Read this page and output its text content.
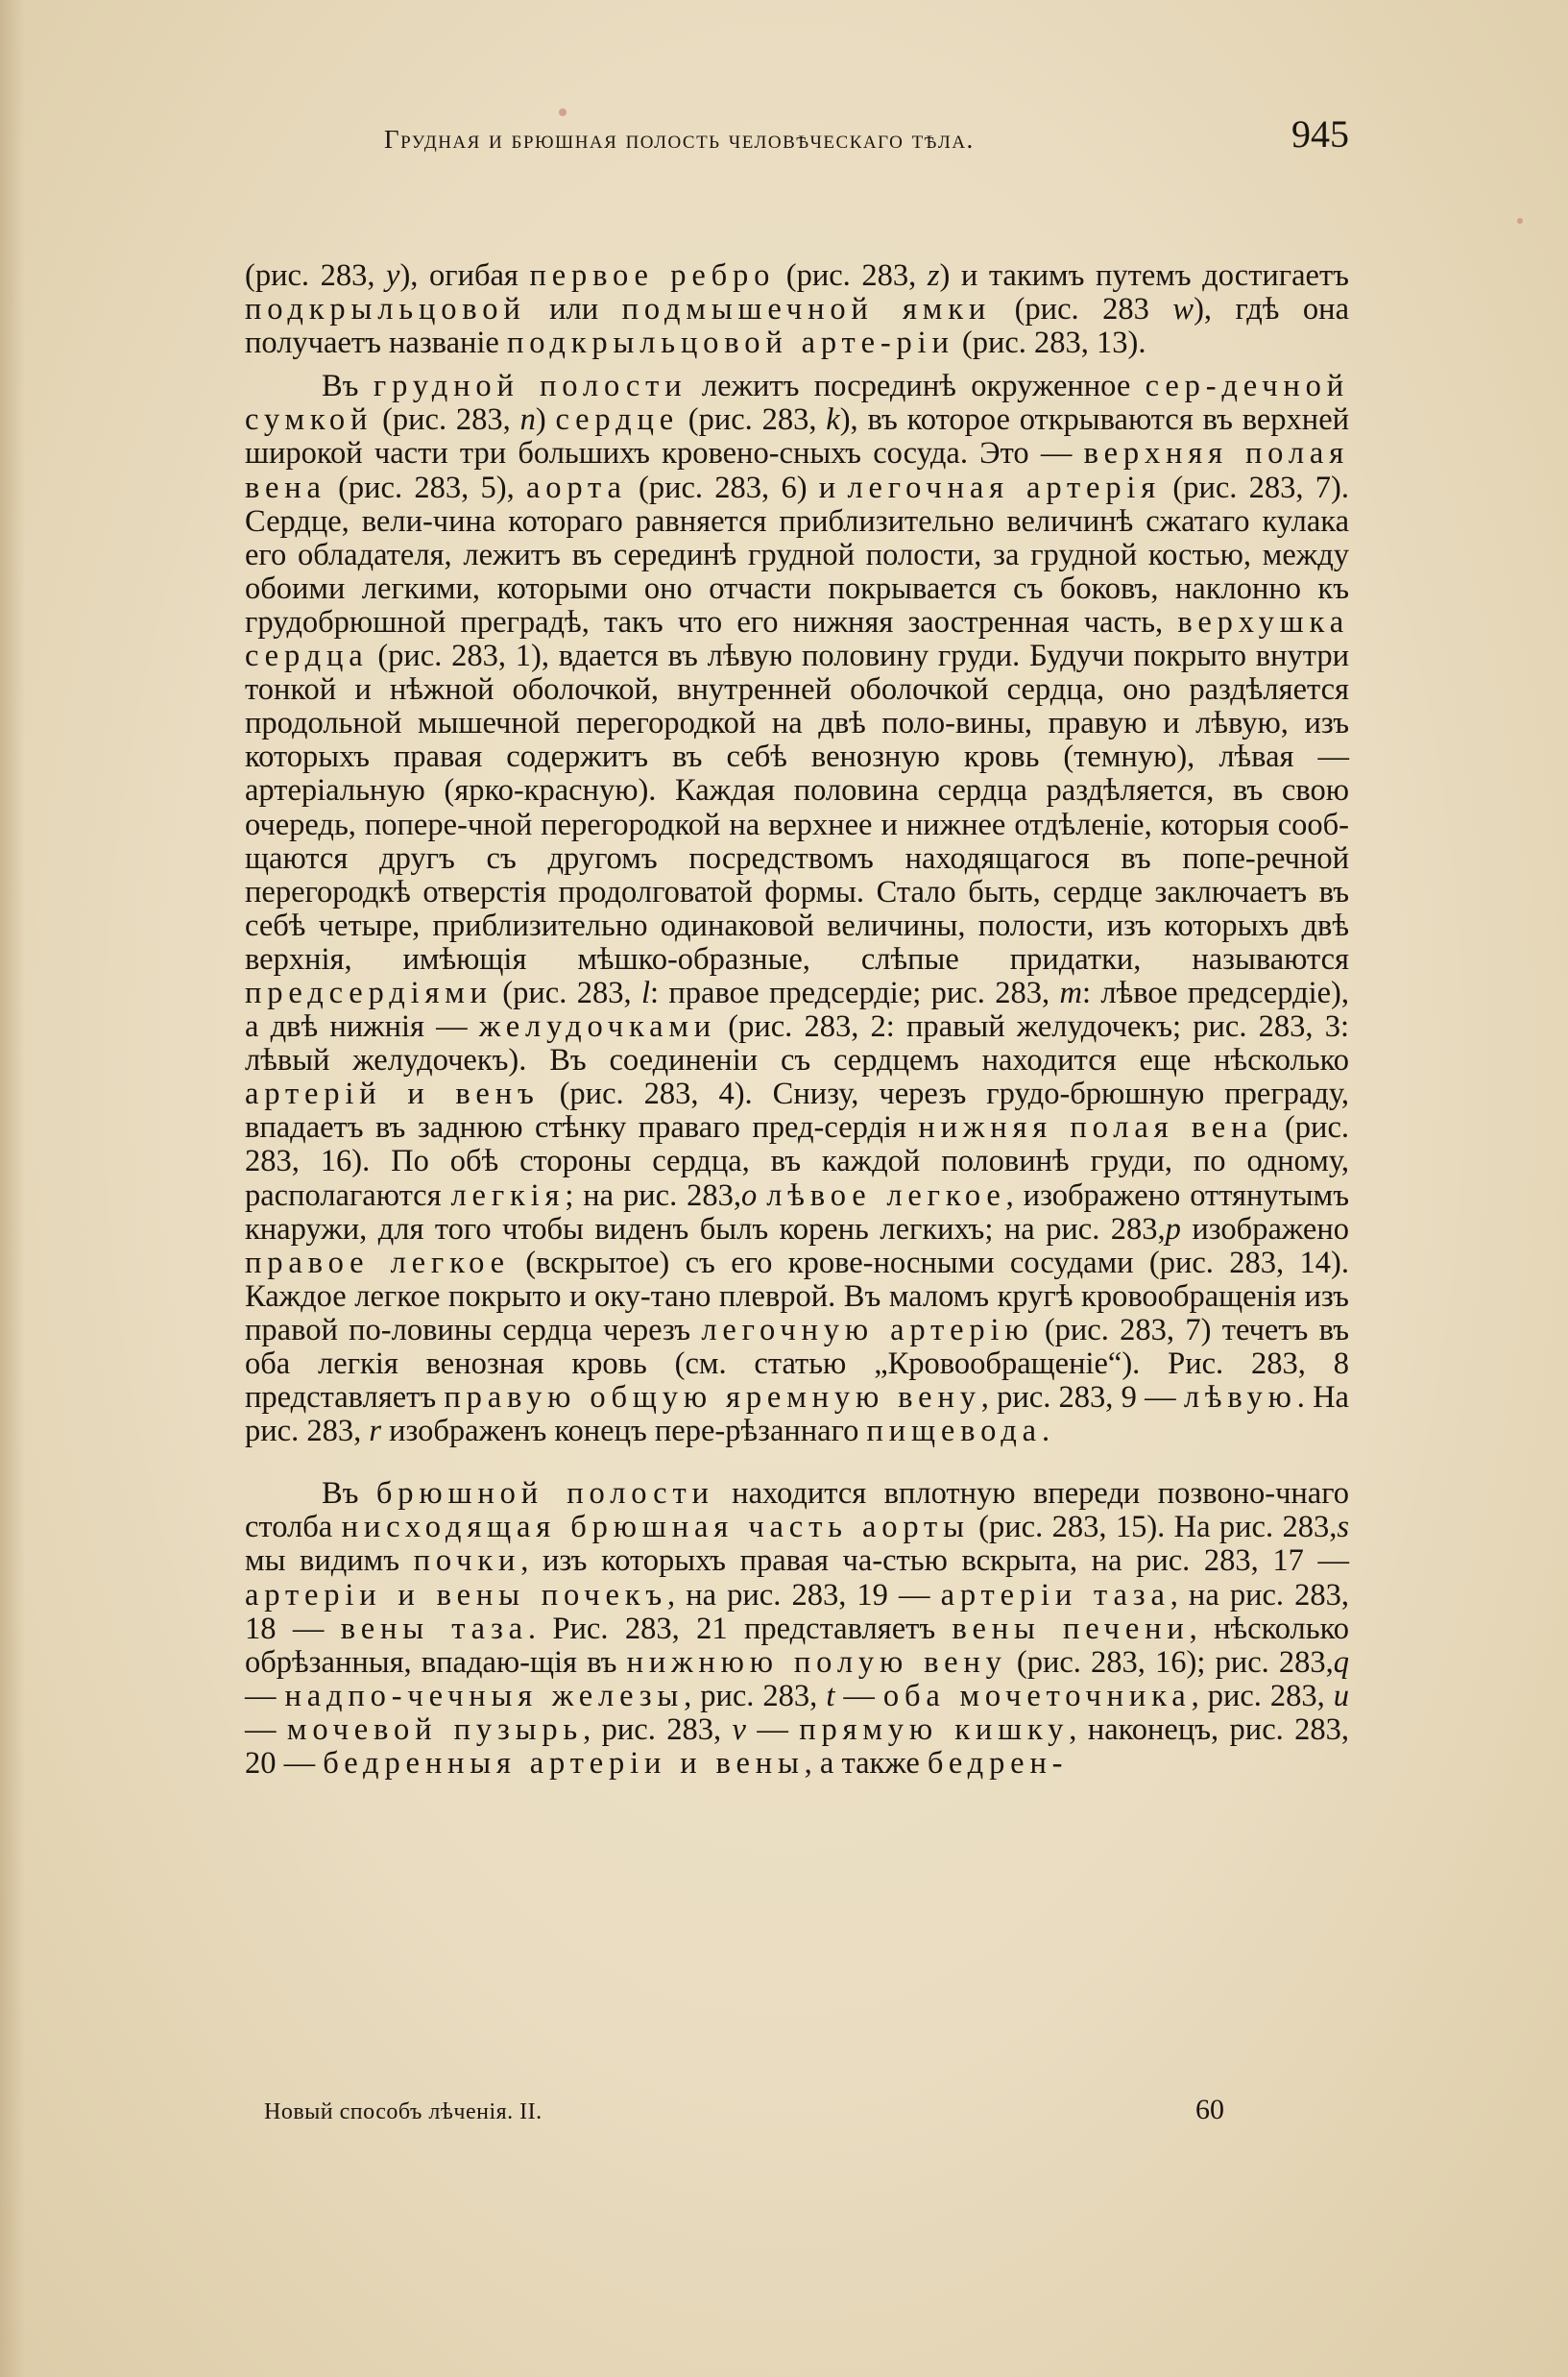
Грудная и брюшная полость человѣческаго тѣла.	945

(рис. 283, y), огибая первое ребро (рис. 283, z) и такимъ путемъ достигаетъ подкрыльцовой или подмышечной ямки (рис. 283 w), гдѣ она получаетъ названіе подкрыльцовой арте-ріи (рис. 283, 13).

Въ грудной полости лежитъ посрединѣ окруженное сер-дечной сумкой (рис. 283, n) сердце (рис. 283, k), въ которое открываются въ верхней широкой части три большихъ кровено-сныхъ сосуда. Это — верхняя полая вена (рис. 283, 5), аорта (рис. 283, 6) и легочная артерія (рис. 283, 7). Сердце, вели-чина котораго равняется приблизительно величинѣ сжатаго кулака его обладателя, лежитъ въ серединѣ грудной полости, за грудной костью, между обоими легкими, которыми оно отчасти покрывается съ боковъ, наклонно къ грудобрюшной преградѣ, такъ что его нижняя заостренная часть, верхушка сердца (рис. 283, 1), вдается въ лѣвую половину груди. Будучи покрыто внутри тонкой и нѣжной оболочкой, внутренней оболочкой сердца, оно раздѣляется продольной мышечной перегородкой на двѣ поло-вины, правую и лѣвую, изъ которыхъ правая содержитъ въ себѣ венозную кровь (темную), лѣвая — артеріальную (ярко-красную). Каждая половина сердца раздѣляется, въ свою очередь, попере-чной перегородкой на верхнее и нижнее отдѣленіе, которыя сооб-щаются другъ съ другомъ посредствомъ находящагося въ попе-речной перегородкѣ отверстія продолговатой формы. Стало быть, сердце заключаетъ въ себѣ четыре, приблизительно одинаковой величины, полости, изъ которыхъ двѣ верхнія, имѣющія мѣшко-образные, слѣпые придатки, называются предсердіями (рис. 283, l: правое предсердіе; рис. 283, m: лѣвое предсердіе), а двѣ нижнія — желудочками (рис. 283, 2: правый желудочекъ; рис. 283, 3: лѣвый желудочекъ). Въ соединеніи съ сердцемъ находится еще нѣсколько артерій и венъ (рис. 283, 4). Снизу, черезъ грудо-брюшную преграду, впадаетъ въ заднюю стѣнку праваго пред-сердія нижняя полая вена (рис. 283, 16). По обѣ стороны сердца, въ каждой половинѣ груди, по одному, располагаются легкія; на рис. 283,o лѣвое легкое, изображено оттянутымъ кнаружи, для того чтобы виденъ былъ корень легкихъ; на рис. 283,p изображено правое легкое (вскрытое) съ его крове-носными сосудами (рис. 283, 14). Каждое легкое покрыто и оку-тано плеврой. Въ маломъ кругѣ кровообращенія изъ правой по-ловины сердца черезъ легочную артерію (рис. 283, 7) течетъ въ оба легкія венозная кровь (см. статью „Кровообращеніе“). Рис. 283, 8 представляетъ правую общую яремную вену, рис. 283, 9 — лѣвую. На рис. 283, r изображенъ конецъ пере-рѣзаннаго пищевода.

Въ брюшной полости находится вплотную впереди позвоно-чнаго столба нисходящая брюшная часть аорты (рис. 283, 15). На рис. 283,s мы видимъ почки, изъ которыхъ правая ча-стью вскрыта, на рис. 283, 17 — артеріи и вены почекъ, на рис. 283, 19 — артеріи таза, на рис. 283, 18 — вены таза. Рис. 283, 21 представляетъ вены печени, нѣсколько обрѣзанныя, впадаю-щія въ нижнюю полую вену (рис. 283, 16); рис. 283,q — надпо-чечныя железы, рис. 283, t — оба мочеточника, рис. 283, u — мочевой пузырь, рис. 283, v — прямую кишку, наконецъ, рис. 283, 20 — бедренныя артеріи и вены, а также бедрен-

Новый способъ лѣченія. II.	60
